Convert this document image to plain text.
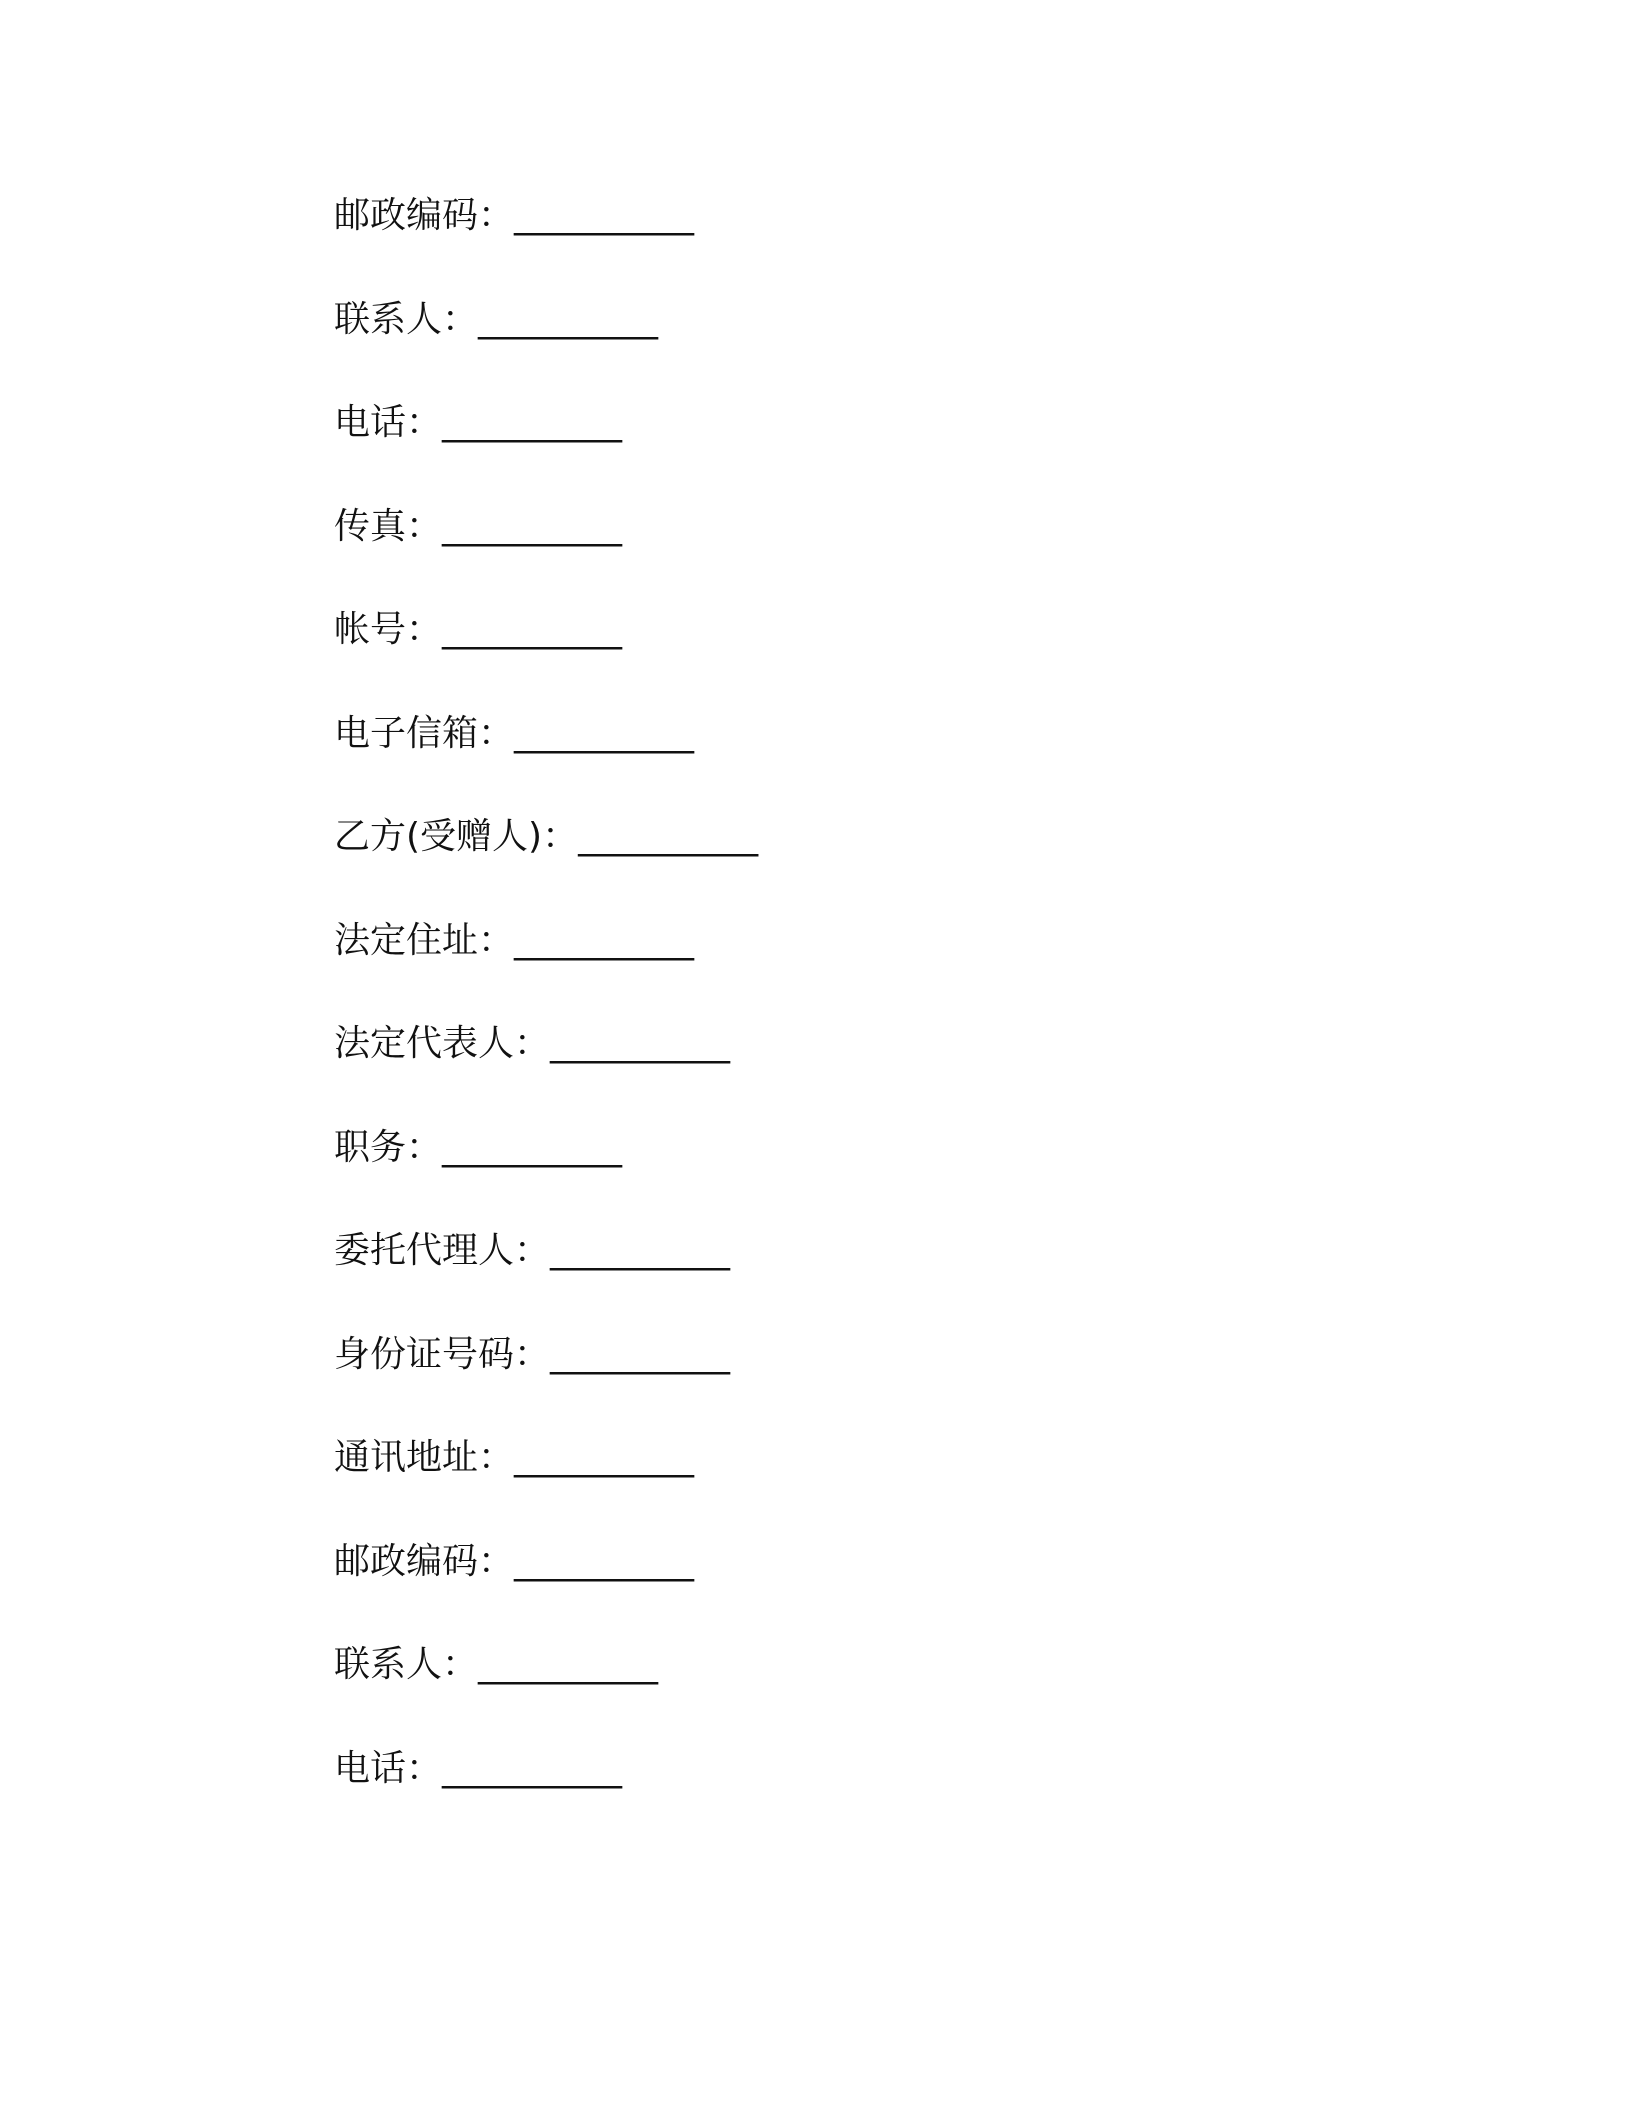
邮政编码： __________
联系人： __________
电话： __________
传真： __________
帐号： __________
电子信箱： __________
乙方(受赠人)： __________
法定住址： __________
法定代表人： __________
职务： __________
委托代理人： __________
身份证号码： __________
通讯地址： __________
邮政编码： __________
联系人： __________
电话： __________
